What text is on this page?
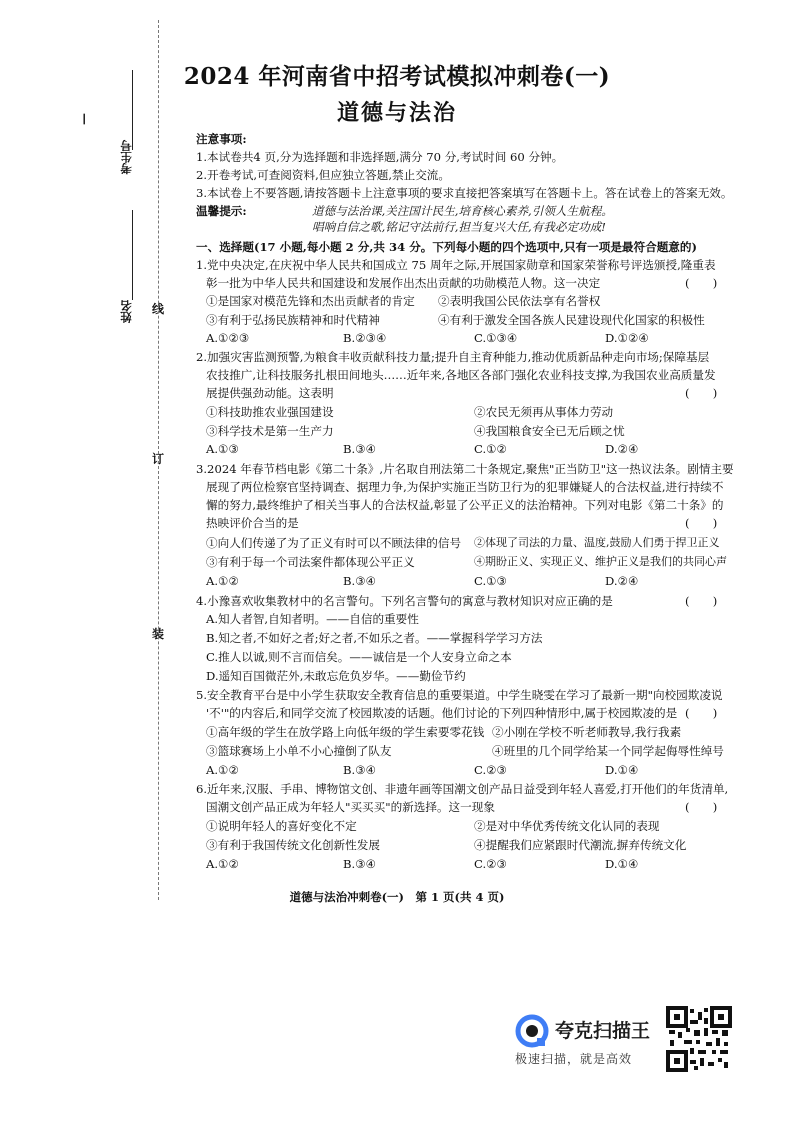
考生号
姓名 线
订
装
—
2024 年河南省中招考试模拟冲刺卷(一)
道德与法治
注意事项:
1.本试卷共4 页,分为选择题和非选择题,满分 70 分,考试时间 60 分钟。
2.开卷考试,可查阅资料,但应独立答题,禁止交流。
3.本试卷上不要答题,请按答题卡上注意事项的要求直接把答案填写在答题卡上。答在试卷上的答案无效。
温馨提示:	道德与法治课,关注国计民生,培育核心素养,引领人生航程。
唱响自信之歌,铭记守法前行,担当复兴大任,有我必定功成!
一、选择题(17 小题,每小题 2 分,共 34 分。下列每小题的四个选项中,只有一项是最符合题意的)
1.党中央决定,在庆祝中华人民共和国成立 75 周年之际,开展国家勋章和国家荣誉称号评选颁授,隆重表
彰一批为中华人民共和国建设和发展作出杰出贡献的功勋模范人物。这一决定	(　　)
①是国家对模范先锋和杰出贡献者的肯定 ②表明我国公民依法享有名誉权
③有利于弘扬民族精神和时代精神	④有利于激发全国各族人民建设现代化国家的积极性
A.①②③	B.②③④	C.①③④	D.①②④
2.加强灾害监测预警,为粮食丰收贡献科技力量;提升自主育种能力,推动优质新品种走向市场;保障基层
农技推广,让科技服务扎根田间地头……近年来,各地区各部门强化农业科技支撑,为我国农业高质量发
展提供强劲动能。这表明	(　　)
①科技助推农业强国建设	②农民无须再从事体力劳动
③科学技术是第一生产力	④我国粮食安全已无后顾之忧
A.①③	B.③④	C.①②	D.②④
3.2024 年春节档电影《第二十条》,片名取自刑法第二十条规定,聚焦"正当防卫"这一热议法条。剧情主要
展现了两位检察官坚持调查、据理力争,为保护实施正当防卫行为的犯罪嫌疑人的合法权益,进行持续不
懈的努力,最终维护了相关当事人的合法权益,彰显了公平正义的法治精神。下列对电影《第二十条》的
热映评价合当的是	(　　)
①向人们传递了为了正义有时可以不顾法律的信号 ②体现了司法的力量、温度,鼓励人们勇于捍卫正义
③有利于每一个司法案件都体现公平正义	④期盼正义、实现正义、维护正义是我们的共同心声
A.①②	B.③④	C.①③	D.②④
4.小豫喜欢收集教材中的名言警句。下列名言警句的寓意与教材知识对应正确的是	(　　)
A.知人者智,自知者明。——自信的重要性
B.知之者,不如好之者;好之者,不如乐之者。——掌握科学学习方法
C.推人以诚,则不言而信矣。——诚信是一个人安身立命之本
D.遥知百国微茫外,未敢忘危负岁华。——勤俭节约
5.安全教育平台是中小学生获取安全教育信息的重要渠道。中学生晓雯在学习了最新一期"向校园欺凌说
'不'"的内容后,和同学交流了校园欺凌的话题。他们讨论的下列四种情形中,属于校园欺凌的是 (　　)
①高年级的学生在放学路上向低年级的学生索要零花钱 ②小刚在学校不听老师教导,我行我素
③篮球赛场上小单不小心撞倒了队友	④班里的几个同学给某一个同学起侮辱性绰号
A.①②	B.③④	C.②③	D.①④
6.近年来,汉服、手串、博物馆文创、非遗年画等国潮文创产品日益受到年轻人喜爱,打开他们的年货清单,
国潮文创产品正成为年轻人"买买买"的新选择。这一现象	(　　)
①说明年轻人的喜好变化不定	②是对中华优秀传统文化认同的表现
③有利于我国传统文化创新性发展	④提醒我们应紧跟时代潮流,摒弃传统文化
A.①②	B.③④	C.②③	D.①④
道德与法治冲刺卷(一)　第 1 页(共 4 页)
夸克扫描王
极速扫描，就是高效
